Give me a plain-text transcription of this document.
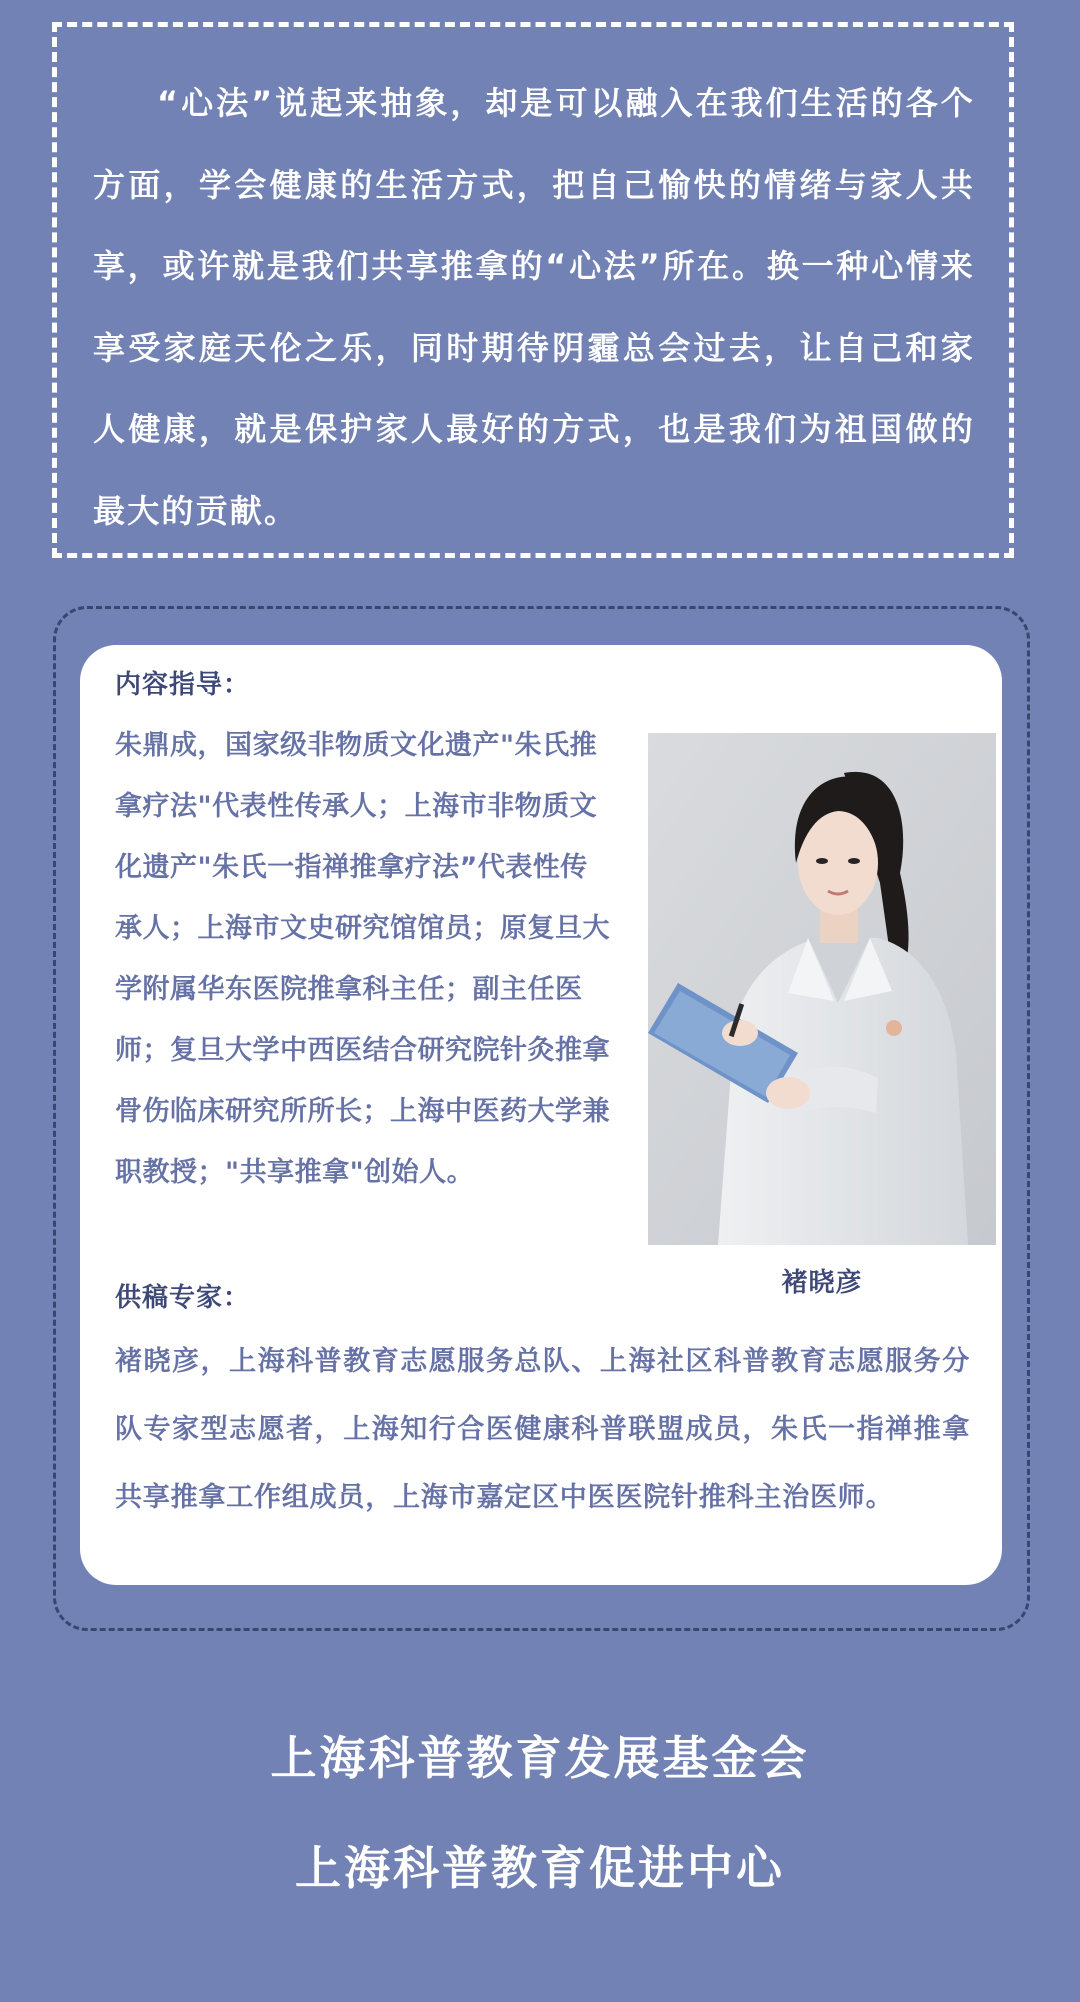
“心法”说起来抽象，却是可以融入在我们生活的各个方面，学会健康的生活方式，把自己愉快的情绪与家人共享，或许就是我们共享推拿的“心法”所在。换一种心情来享受家庭天伦之乐，同时期待阴霾总会过去，让自己和家人健康，就是保护家人最好的方式，也是我们为祖国做的最大的贡献。

内容指导：

朱鼎成，国家级非物质文化遗产"朱氏推拿疗法"代表性传承人；上海市非物质文化遗产"朱氏一指禅推拿疗法”代表性传承人；上海市文史研究馆馆员；原复旦大学附属华东医院推拿科主任；副主任医师；复旦大学中西医结合研究院针灸推拿骨伤临床研究所所长；上海中医药大学兼职教授；"共享推拿"创始人。

褚晓彦
供稿专家：

褚晓彦，上海科普教育志愿服务总队、上海社区科普教育志愿服务分队专家型志愿者，上海知行合医健康科普联盟成员，朱氏一指禅推拿共享推拿工作组成员，上海市嘉定区中医医院针推科主治医师。

上海科普教育发展基金会
上海科普教育促进中心
